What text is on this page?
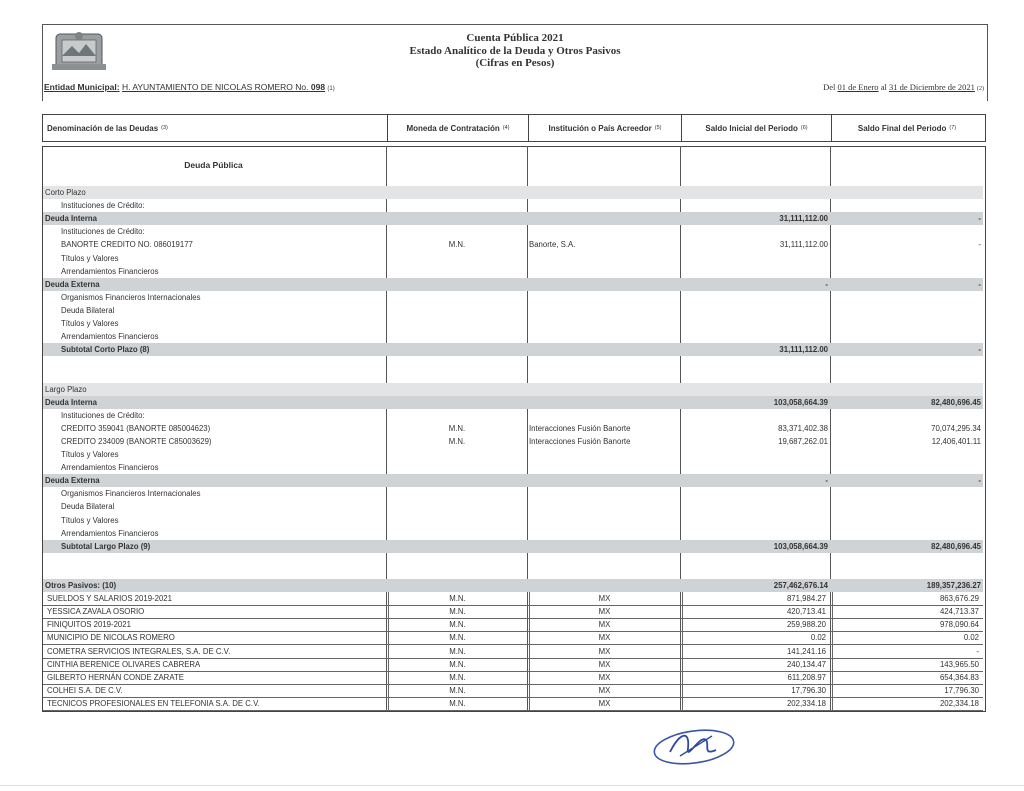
Cuenta Pública 2021
Estado Analítico de la Deuda y Otros Pasivos
(Cifras en Pesos)
Entidad Municipal: H. AYUNTAMIENTO DE NICOLAS ROMERO No. 098 (1)	Del 01 de Enero al 31 de Diciembre de 2021 (2)
Denominación de las Deudas (3)	Moneda de Contratación (4)	Institución o País Acreedor (5)	Saldo Inicial del Periodo (6)	Saldo Final del Periodo (7)
Deuda Pública
Corto Plazo
Instituciones de Crédito:
Deuda Interna	31,111,112.00	-
Instituciones de Crédito:
BANORTE CREDITO NO. 086019177	M.N.	Banorte, S.A.	31,111,112.00	-
Títulos y Valores
Arrendamientos Financieros
Deuda Externa	-	-
Organismos Financieros Internacionales
Deuda Bilateral
Títulos y Valores
Arrendamientos Financieros
Subtotal Corto Plazo (8)	31,111,112.00	-
Largo Plazo
Deuda Interna	103,058,664.39	82,480,696.45
Instituciones de Crédito:
CREDITO 359041 (BANORTE 085004623)	M.N.	Interacciones Fusión Banorte	83,371,402.38	70,074,295.34
CREDITO 234009 (BANORTE C85003629)	M.N.	Interacciones Fusión Banorte	19,687,262.01	12,406,401.11
Títulos y Valores
Arrendamientos Financieros
Deuda Externa	-	-
Organismos Financieros Internacionales
Deuda Bilateral
Títulos y Valores
Arrendamientos Financieros
Subtotal Largo Plazo (9)	103,058,664.39	82,480,696.45
Otros Pasivos: (10)	257,462,676.14	189,357,236.27
SUELDOS Y SALARIOS 2019-2021	M.N.	MX	871,984.27	863,676.29
YESSICA ZAVALA OSORIO	M.N.	MX	420,713.41	424,713.37
FINIQUITOS 2019-2021	M.N.	MX	259,988.20	978,090.64
MUNICIPIO DE NICOLAS ROMERO	M.N.	MX	0.02	0.02
COMETRA SERVICIOS INTEGRALES, S.A. DE C.V.	M.N.	MX	141,241.16	-
CINTHIA BERENICE OLIVARES CABRERA	M.N.	MX	240,134.47	143,965.50
GILBERTO HERNÁN CONDE ZARATE	M.N.	MX	611,208.97	654,364.83
COLHEI S.A. DE C.V.	M.N.	MX	17,796.30	17,796.30
TECNICOS PROFESIONALES EN TELEFONIA S.A. DE C.V.	M.N.	MX	202,334.18	202,334.18
